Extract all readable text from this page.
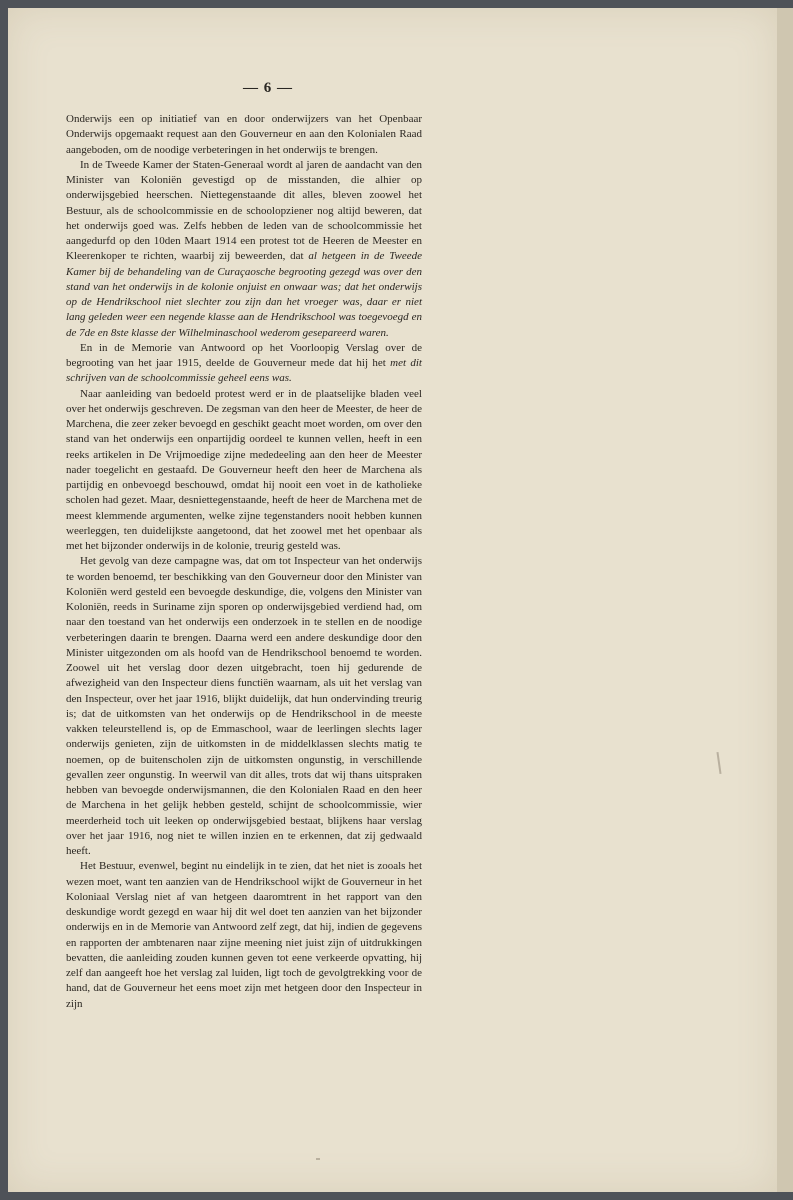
— 6 —

Onderwijs een op initiatief van en door onderwijzers van het Openbaar Onderwijs opgemaakt request aan den Gouverneur en aan den Kolonialen Raad aangeboden, om de noodige verbeteringen in het onderwijs te brengen.

In de Tweede Kamer der Staten-Generaal wordt al jaren de aandacht van den Minister van Koloniën gevestigd op de misstanden, die alhier op onderwijsgebied heerschen. Niettegenstaande dit alles, bleven zoowel het Bestuur, als de schoolcommissie en de schoolopziener nog altijd beweren, dat het onderwijs goed was. Zelfs hebben de leden van de schoolcommissie het aangedurfd op den 10den Maart 1914 een protest tot de Heeren de Meester en Kleerenkoper te richten, waarbij zij beweerden, dat al hetgeen in de Tweede Kamer bij de behandeling van de Curaçaosche begrooting gezegd was over den stand van het onderwijs in de kolonie onjuist en onwaar was; dat het onderwijs op de Hendrikschool niet slechter zou zijn dan het vroeger was, daar er niet lang geleden weer een negende klasse aan de Hendrikschool was toegevoegd en de 7de en 8ste klasse der Wilhelminaschool wederom gesepareerd waren.

En in de Memorie van Antwoord op het Voorloopig Verslag over de begrooting van het jaar 1915, deelde de Gouverneur mede dat hij het met dit schrijven van de schoolcommissie geheel eens was.

Naar aanleiding van bedoeld protest werd er in de plaatselijke bladen veel over het onderwijs geschreven. De zegsman van den heer de Meester, de heer de Marchena, die zeer zeker bevoegd en geschikt geacht moet worden, om over den stand van het onderwijs een onpartijdig oordeel te kunnen vellen, heeft in een reeks artikelen in De Vrijmoedige zijne mededeeling aan den heer de Meester nader toegelicht en gestaafd. De Gouverneur heeft den heer de Marchena als partijdig en onbevoegd beschouwd, omdat hij nooit een voet in de katholieke scholen had gezet. Maar, desniettegenstaande, heeft de heer de Marchena met de meest klemmende argumenten, welke zijne tegenstanders nooit hebben kunnen weerleggen, ten duidelijkste aangetoond, dat het zoowel met het openbaar als met het bijzonder onderwijs in de kolonie, treurig gesteld was.

Het gevolg van deze campagne was, dat om tot Inspecteur van het onderwijs te worden benoemd, ter beschikking van den Gouverneur door den Minister van Koloniën werd gesteld een bevoegde deskundige, die, volgens den Minister van Koloniën, reeds in Suriname zijn sporen op onderwijsgebied verdiend had, om naar den toestand van het onderwijs een onderzoek in te stellen en de noodige verbeteringen daarin te brengen. Daarna werd een andere deskundige door den Minister uitgezonden om als hoofd van de Hendrikschool benoemd te worden. Zoowel uit het verslag door dezen uitgebracht, toen hij gedurende de afwezigheid van den Inspecteur diens functiën waarnam, als uit het verslag van den Inspecteur, over het jaar 1916, blijkt duidelijk, dat hun ondervinding treurig is; dat de uitkomsten van het onderwijs op de Hendrikschool in de meeste vakken teleurstellend is, op de Emmaschool, waar de leerlingen slechts lager onderwijs genieten, zijn de uitkomsten in de middelklassen slechts matig te noemen, op de buitenscholen zijn de uitkomsten ongunstig, in verschillende gevallen zeer ongunstig. In weerwil van dit alles, trots dat wij thans uitspraken hebben van bevoegde onderwijsmannen, die den Kolonialen Raad en den heer de Marchena in het gelijk hebben gesteld, schijnt de schoolcommissie, wier meerderheid toch uit leeken op onderwijsgebied bestaat, blijkens haar verslag over het jaar 1916, nog niet te willen inzien en te erkennen, dat zij gedwaald heeft.

Het Bestuur, evenwel, begint nu eindelijk in te zien, dat het niet is zooals het wezen moet, want ten aanzien van de Hendrikschool wijkt de Gouverneur in het Koloniaal Verslag niet af van hetgeen daaromtrent in het rapport van den deskundige wordt gezegd en waar hij dit wel doet ten aanzien van het bijzonder onderwijs en in de Memorie van Antwoord zelf zegt, dat hij, indien de gegevens en rapporten der ambtenaren naar zijne meening niet juist zijn of uitdrukkingen bevatten, die aanleiding zouden kunnen geven tot eene verkeerde opvatting, hij zelf dan aangeeft hoe het verslag zal luiden, ligt toch de gevolgtrekking voor de hand, dat de Gouverneur het eens moet zijn met hetgeen door den Inspecteur in zijn
